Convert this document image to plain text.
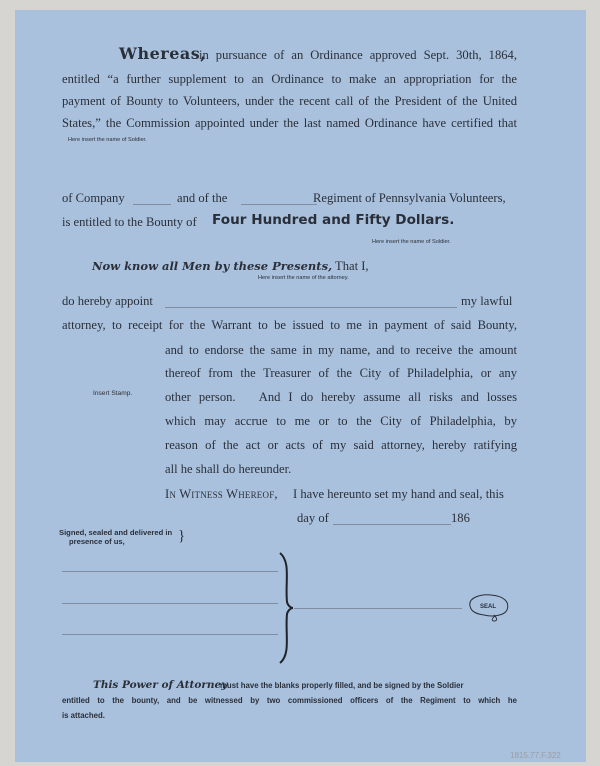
Whereas,
in pursuance of an Ordinance approved Sept. 30th, 1864,
entitled “a further supplement to an Ordinance to make an appropriation for the
payment of Bounty to Volunteers, under the recent call of the President of the United
States,” the Commission appointed under the last named Ordinance have certified that
Here insert the name of Soldier.
of Company	and of the	Regiment of Pennsylvania Volunteers,
is entitled to the Bounty of Four Hundred and Fifty Dollars.
Here insert the name of Soldier.
Now know all Men by these Presents, That I,
Here insert the name of the attorney.
do hereby appoint	my lawful
attorney, to receipt for the Warrant to be issued to me in payment of said Bounty,
and to endorse the same in my name, and to receive the amount
thereof from the Treasurer of the City of Philadelphia, or any
other person.   And I do hereby assume all risks and losses
which may accrue to me or to the City of Philadelphia, by
reason of the act or acts of my said attorney, hereby ratifying
all he shall do hereunder.
Insert Stamp.
In Witness Whereof, I have hereunto set my hand and seal, this
day of	186
Signed, sealed and delivered in
presence of us,	}
SEAL
This Power of Attorney
must have the blanks properly filled, and be signed by the Soldier
entitled to the bounty, and be witnessed by two commissioned officers of the Regiment to which he
is attached.
1815.77.F.322
